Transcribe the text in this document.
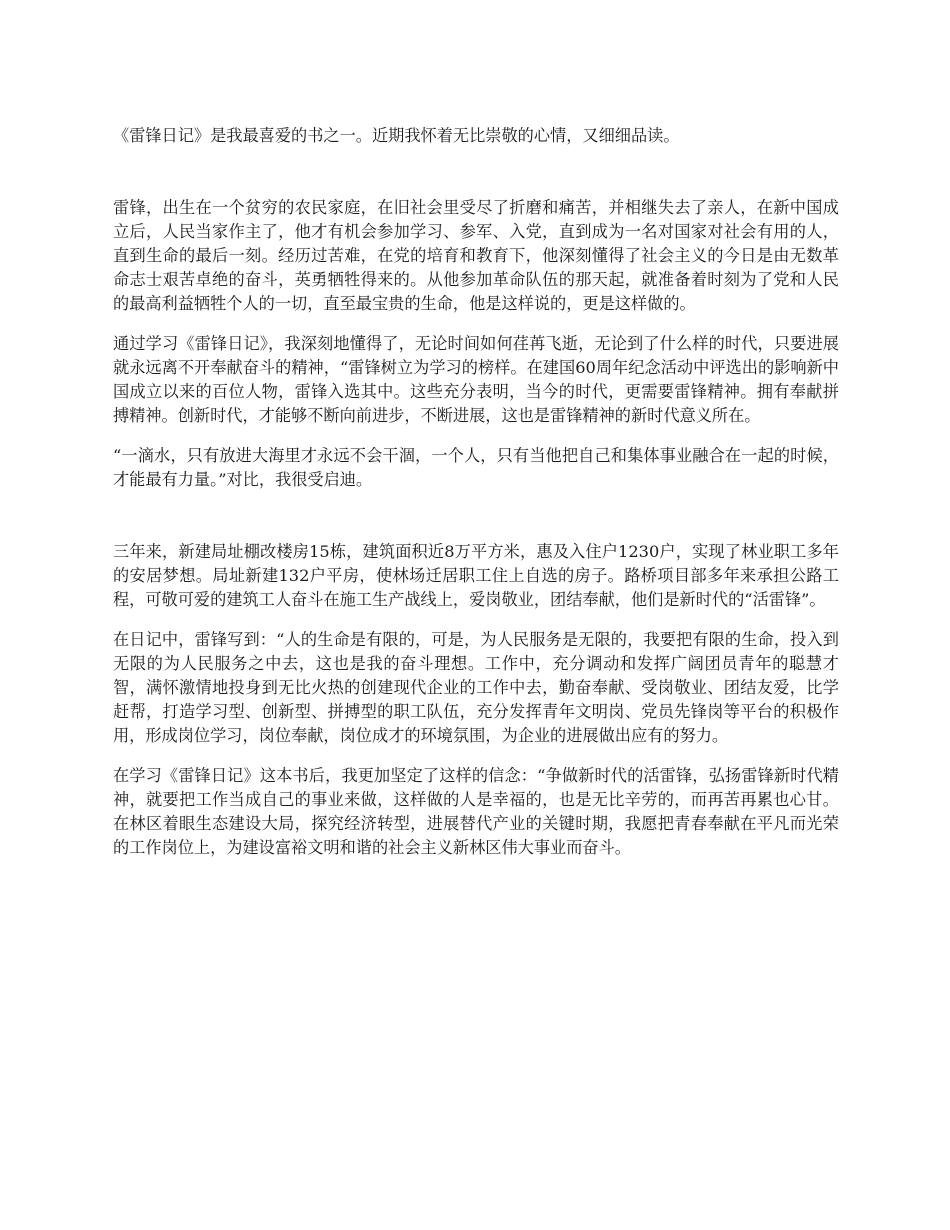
《雷锋日记》是我最喜爱的书之一。近期我怀着无比崇敬的心情，又细细品读。

雷锋，出生在一个贫穷的农民家庭，在旧社会里受尽了折磨和痛苦，并相继失去了亲人，在新中国成立后，人民当家作主了，他才有机会参加学习、参军、入党，直到成为一名对国家对社会有用的人，直到生命的最后一刻。经历过苦难，在党的培育和教育下，他深刻懂得了社会主义的今日是由无数革命志士艰苦卓绝的奋斗，英勇牺牲得来的。从他参加革命队伍的那天起，就准备着时刻为了党和人民的最高利益牺牲个人的一切，直至最宝贵的生命，他是这样说的，更是这样做的。

通过学习《雷锋日记》，我深刻地懂得了，无论时间如何荏苒飞逝，无论到了什么样的时代，只要进展就永远离不开奉献奋斗的精神，“雷锋树立为学习的榜样。在建国60周年纪念活动中评选出的影响新中国成立以来的百位人物，雷锋入选其中。这些充分表明，当今的时代，更需要雷锋精神。拥有奉献拼搏精神。创新时代，才能够不断向前进步，不断进展，这也是雷锋精神的新时代意义所在。

“一滴水，只有放进大海里才永远不会干涸，一个人，只有当他把自己和集体事业融合在一起的时候，才能最有力量。”对比，我很受启迪。

三年来，新建局址棚改楼房15栋，建筑面积近8万平方米，惠及入住户1230户，实现了林业职工多年的安居梦想。局址新建132户平房，使林场迁居职工住上自选的房子。路桥项目部多年来承担公路工程，可敬可爱的建筑工人奋斗在施工生产战线上，爱岗敬业，团结奉献，他们是新时代的“活雷锋”。

在日记中，雷锋写到：“人的生命是有限的，可是，为人民服务是无限的，我要把有限的生命，投入到无限的为人民服务之中去，这也是我的奋斗理想。工作中，充分调动和发挥广阔团员青年的聪慧才智，满怀激情地投身到无比火热的创建现代企业的工作中去，勤奋奉献、受岗敬业、团结友爱，比学赶帮，打造学习型、创新型、拼搏型的职工队伍，充分发挥青年文明岗、党员先锋岗等平台的积极作用，形成岗位学习，岗位奉献，岗位成才的环境氛围，为企业的进展做出应有的努力。

在学习《雷锋日记》这本书后，我更加坚定了这样的信念：“争做新时代的活雷锋，弘扬雷锋新时代精神，就要把工作当成自己的事业来做，这样做的人是幸福的，也是无比辛劳的，而再苦再累也心甘。在林区着眼生态建设大局，探究经济转型，进展替代产业的关键时期，我愿把青春奉献在平凡而光荣的工作岗位上，为建设富裕文明和谐的社会主义新林区伟大事业而奋斗。
